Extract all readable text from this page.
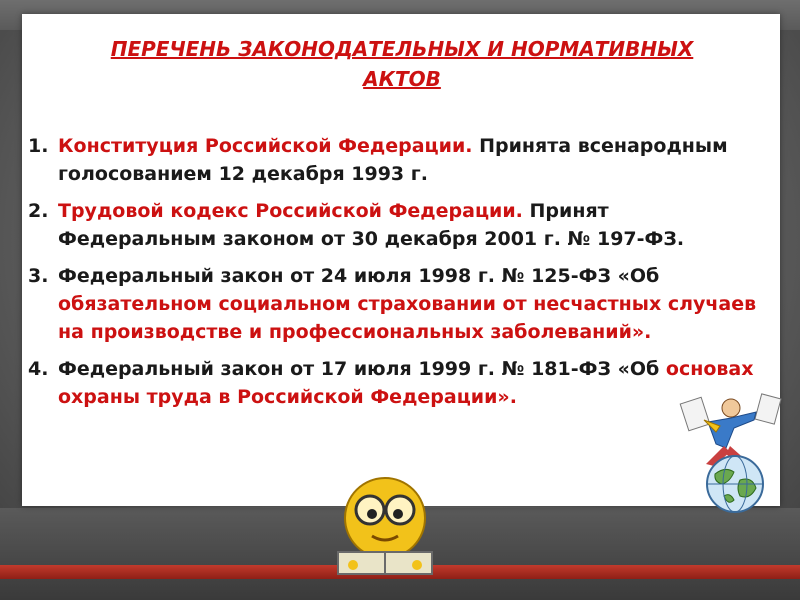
ПЕРЕЧЕНЬ ЗАКОНОДАТЕЛЬНЫХ И НОРМАТИВНЫХ
АКТОВ
1. Конституция Российской Федерации. Принята всенародным голосованием 12 декабря 1993 г.
2. Трудовой кодекс Российской Федерации. Принят Федеральным законом от 30 декабря 2001 г. № 197-ФЗ.
3. Федеральный закон от 24 июля 1998 г. № 125-ФЗ «Об обязательном социальном страховании от несчастных случаев на производстве и профессиональных заболеваний».
4. Федеральный закон от 17 июля 1999 г. № 181-ФЗ «Об основах охраны труда в Российской Федерации».
